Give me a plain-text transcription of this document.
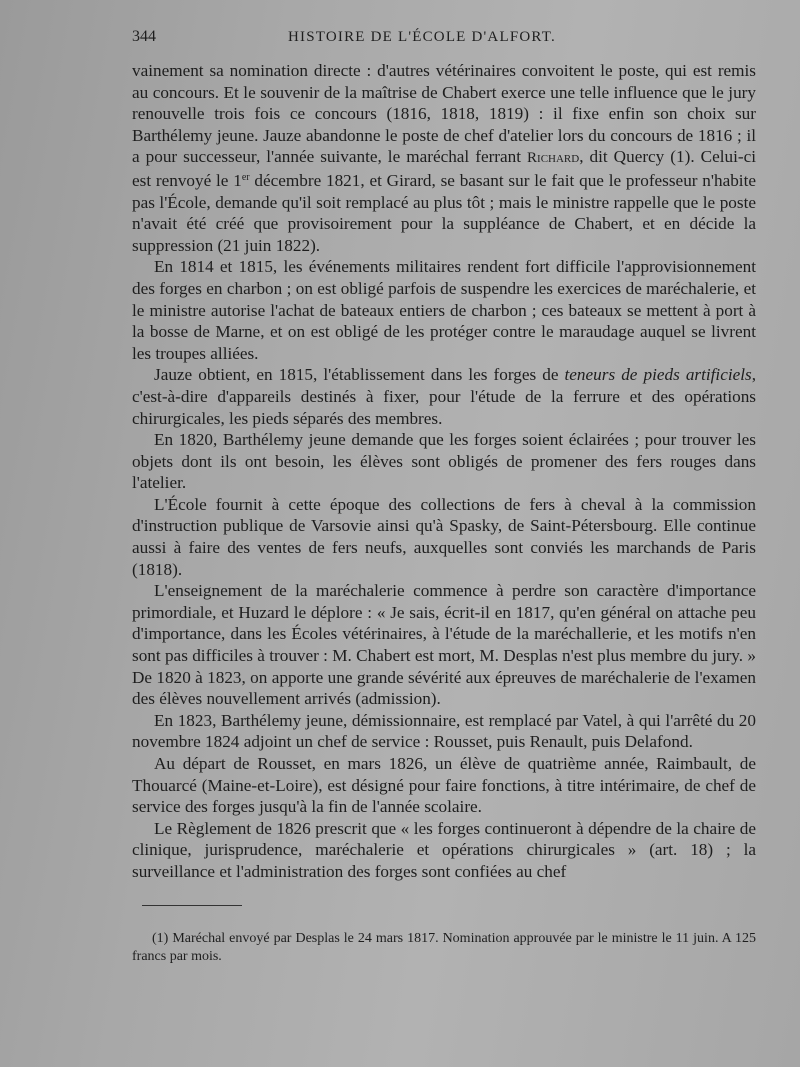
344	HISTOIRE DE L'ÉCOLE D'ALFORT.

vainement sa nomination directe : d'autres vétérinaires convoitent le poste, qui est remis au concours. Et le souvenir de la maîtrise de Chabert exerce une telle influence que le jury renouvelle trois fois ce concours (1816, 1818, 1819) : il fixe enfin son choix sur Barthélemy jeune. Jauze abandonne le poste de chef d'atelier lors du concours de 1816 ; il a pour successeur, l'année suivante, le maréchal ferrant Richard, dit Quercy (1). Celui-ci est renvoyé le 1er décembre 1821, et Girard, se basant sur le fait que le professeur n'habite pas l'École, demande qu'il soit remplacé au plus tôt ; mais le ministre rappelle que le poste n'avait été créé que provisoirement pour la suppléance de Chabert, et en décide la suppression (21 juin 1822).

En 1814 et 1815, les événements militaires rendent fort difficile l'approvisionnement des forges en charbon ; on est obligé parfois de suspendre les exercices de maréchalerie, et le ministre autorise l'achat de bateaux entiers de charbon ; ces bateaux se mettent à port à la bosse de Marne, et on est obligé de les protéger contre le maraudage auquel se livrent les troupes alliées.

Jauze obtient, en 1815, l'établissement dans les forges de teneurs de pieds artificiels, c'est-à-dire d'appareils destinés à fixer, pour l'étude de la ferrure et des opérations chirurgicales, les pieds séparés des membres.

En 1820, Barthélemy jeune demande que les forges soient éclairées ; pour trouver les objets dont ils ont besoin, les élèves sont obligés de promener des fers rouges dans l'atelier.

L'École fournit à cette époque des collections de fers à cheval à la commission d'instruction publique de Varsovie ainsi qu'à Spasky, de Saint-Pétersbourg. Elle continue aussi à faire des ventes de fers neufs, auxquelles sont conviés les marchands de Paris (1818).

L'enseignement de la maréchalerie commence à perdre son caractère d'importance primordiale, et Huzard le déplore : « Je sais, écrit-il en 1817, qu'en général on attache peu d'importance, dans les Écoles vétérinaires, à l'étude de la maréchallerie, et les motifs n'en sont pas difficiles à trouver : M. Chabert est mort, M. Desplas n'est plus membre du jury. » De 1820 à 1823, on apporte une grande sévérité aux épreuves de maréchalerie de l'examen des élèves nouvellement arrivés (admission).

En 1823, Barthélemy jeune, démissionnaire, est remplacé par Vatel, à qui l'arrêté du 20 novembre 1824 adjoint un chef de service : Rousset, puis Renault, puis Delafond.

Au départ de Rousset, en mars 1826, un élève de quatrième année, Raimbault, de Thouarcé (Maine-et-Loire), est désigné pour faire fonctions, à titre intérimaire, de chef de service des forges jusqu'à la fin de l'année scolaire.

Le Règlement de 1826 prescrit que « les forges continueront à dépendre de la chaire de clinique, jurisprudence, maréchalerie et opérations chirurgicales » (art. 18) ; la surveillance et l'administration des forges sont confiées au chef

(1) Maréchal envoyé par Desplas le 24 mars 1817. Nomination approuvée par le ministre le 11 juin. A 125 francs par mois.
